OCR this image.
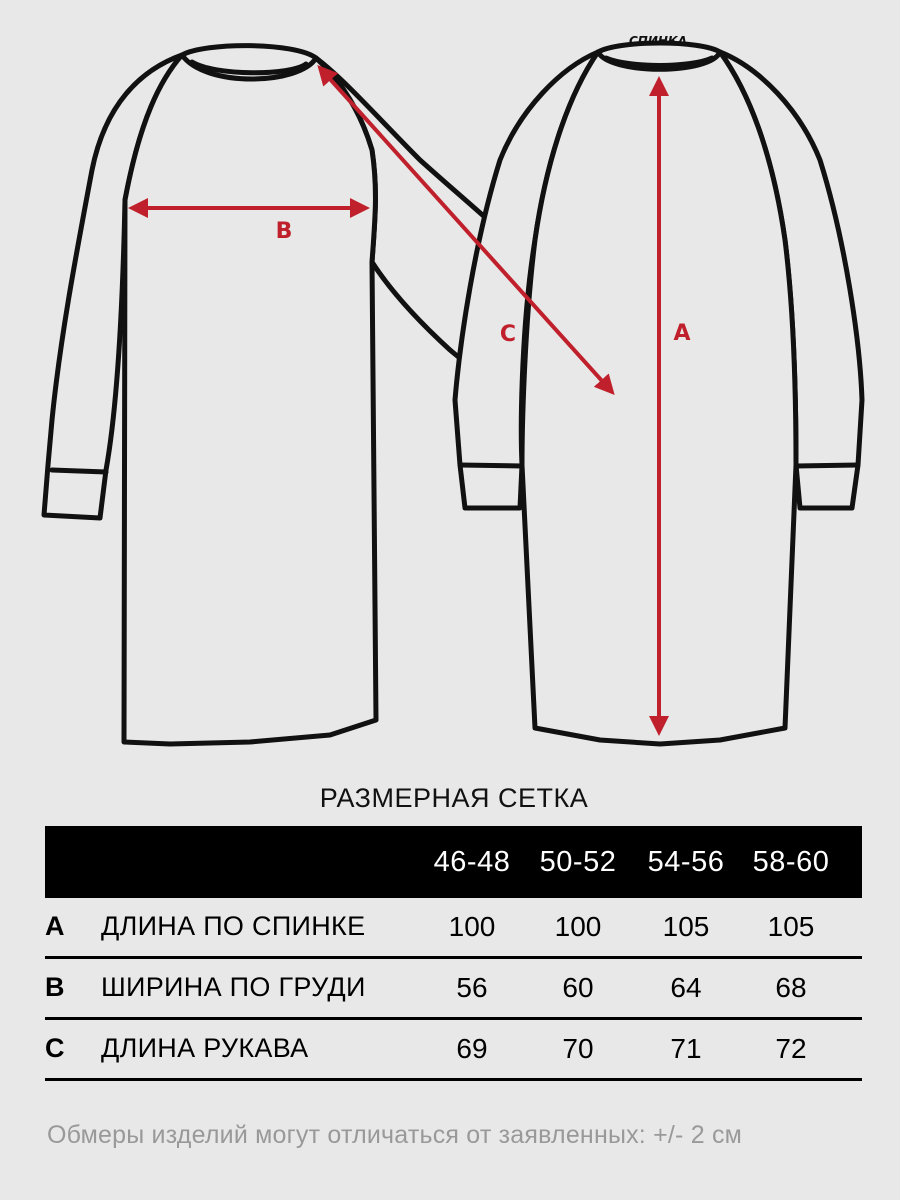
СПИНКА
B
C	A
РАЗМЕРНАЯ СЕТКА
46-48	50-52	54-56 58-60
A ДЛИНА ПО СПИНКЕ	100	100	105	105
B ШИРИНА ПО ГРУДИ	56	60	64	68
C ДЛИНА РУКАВА	69	70	71	72
Обмеры изделий могут отличаться от заявленных: +/- 2 см
